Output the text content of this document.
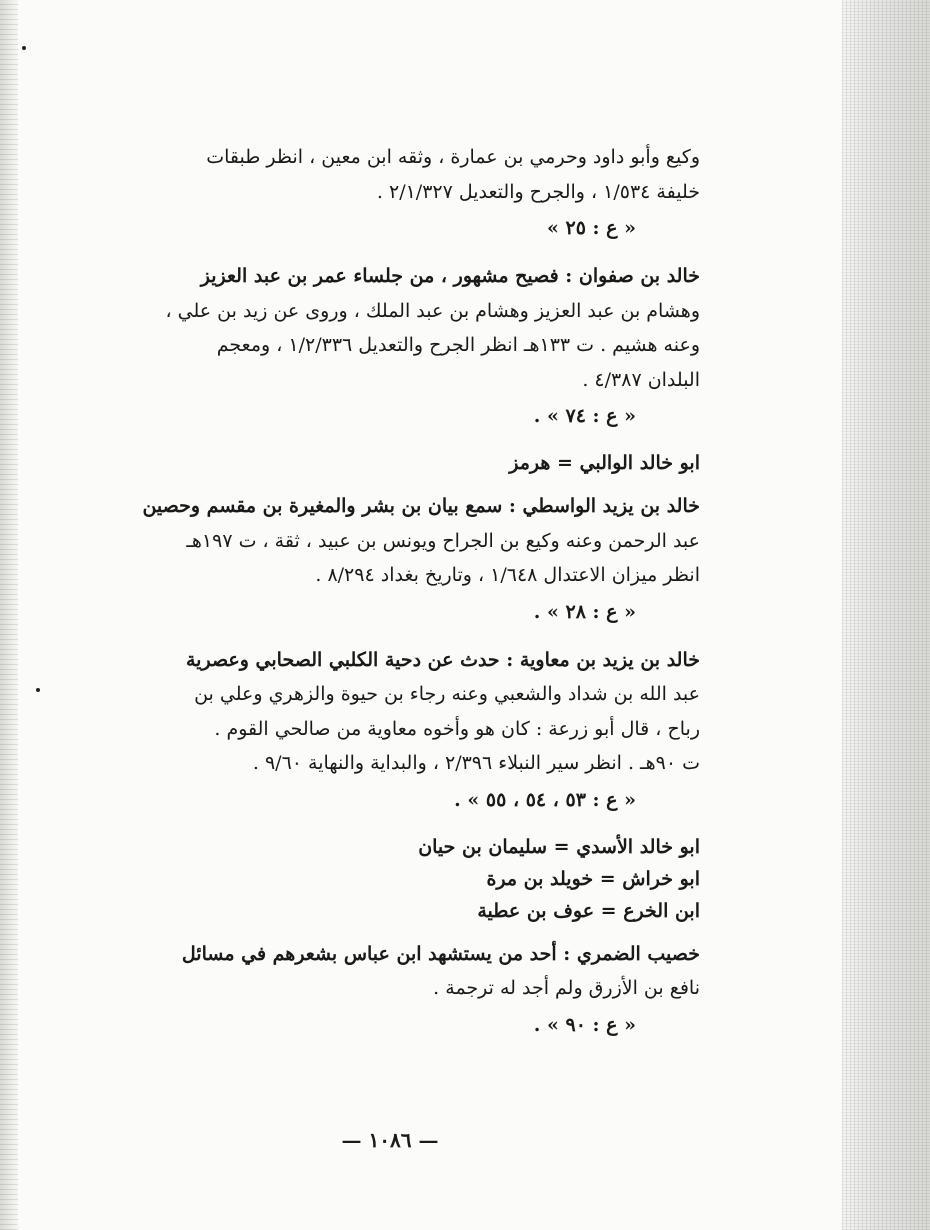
وكيع وأبو داود وحرمي بن عمارة ، وثقه ابن معين ، انظر طبقات

خليفة ١/٥٣٤ ، والجرح والتعديل ٢/١/٣٢٧ .

« ع : ٢٥ »

خالد بن صفوان : فصيح مشهور ، من جلساء عمر بن عبد العزيز

وهشام بن عبد العزيز وهشام بن عبد الملك ، وروى عن زيد بن علي ،

وعنه هشيم . ت ١٣٣هـ انظر الجرح والتعديل ١/٢/٣٣٦ ، ومعجم

البلدان ٤/٣٨٧ .

« ع : ٧٤ » .

ابو خالد الوالبي = هرمز

خالد بن يزيد الواسطي : سمع بيان بن بشر والمغيرة بن مقسم وحصين

عبد الرحمن وعنه وكيع بن الجراح ويونس بن عبيد ، ثقة ، ت ١٩٧هـ

انظر ميزان الاعتدال ١/٦٤٨ ، وتاريخ بغداد ٨/٢٩٤ .

« ع : ٢٨ » .

خالد بن يزيد بن معاوية : حدث عن دحية الكلبي الصحابي وعصرية

عبد الله بن شداد والشعبي وعنه رجاء بن حيوة والزهري وعلي بن

رباح ، قال أبو زرعة : كان هو وأخوه معاوية من صالحي القوم .

ت ٩٠هـ . انظر سير النبلاء ٢/٣٩٦ ، والبداية والنهاية ٩/٦٠ .

« ع : ٥٣ ، ٥٤ ، ٥٥ » .

ابو خالد الأسدي = سليمان بن حيان

ابو خراش = خويلد بن مرة

ابن الخرع = عوف بن عطية

خصيب الضمري : أحد من يستشهد ابن عباس بشعرهم في مسائل

نافع بن الأزرق ولم أجد له ترجمة .

« ع : ٩٠ » .
— ١٠٨٦ —
